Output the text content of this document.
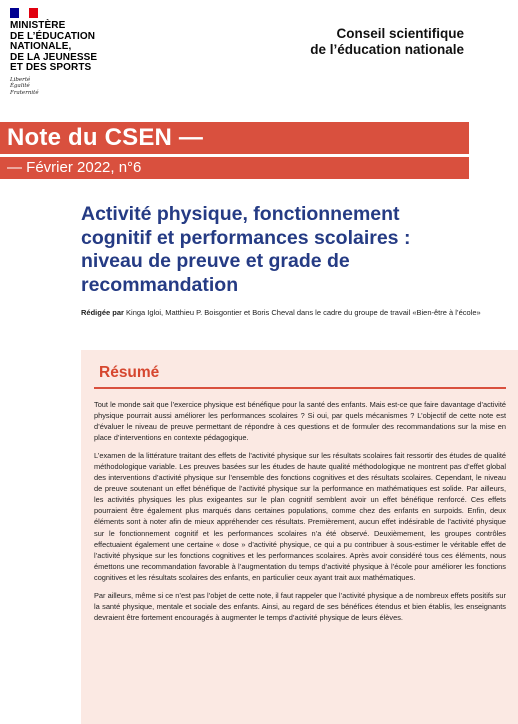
MINISTÈRE
DE L’ÉDUCATION
NATIONALE,
DE LA JEUNESSE
ET DES SPORTS
Liberté
Égalité
Fraternité
Conseil scientifique
de l’éducation nationale
Note du CSEN —
— Février 2022, n°6
Activité physique, fonctionnement cognitif et performances scolaires : niveau de preuve et grade de recommandation
Rédigée par Kinga Igloi, Matthieu P. Boisgontier et Boris Cheval dans le cadre du groupe de travail «Bien-être à l’école»
Résumé

Tout le monde sait que l’exercice physique est bénéfique pour la santé des enfants. Mais est-ce que faire davantage d’activité physique pourrait aussi améliorer les performances scolaires ? Si oui, par quels mécanismes ? L’objectif de cette note est d’évaluer le niveau de preuve permettant de répondre à ces questions et de formuler des recommandations sur la mise en place d’interventions en contexte pédagogique.

L’examen de la littérature traitant des effets de l’activité physique sur les résultats scolaires fait ressortir des études de qualité méthodologique variable. Les preuves basées sur les études de haute qualité méthodologique ne montrent pas d’effet global des interventions d’activité physique sur l’ensemble des fonctions cognitives et des résultats scolaires. Cependant, le niveau de preuve soutenant un effet bénéfique de l’activité physique sur la performance en mathématiques est solide. Par ailleurs, les activités physiques les plus exigeantes sur le plan cognitif semblent avoir un effet bénéfique renforcé. Ces effets pourraient être également plus marqués dans certaines populations, comme chez des enfants en surpoids. Enfin, deux éléments sont à noter afin de mieux appréhender ces résultats. Premièrement, aucun effet indésirable de l’activité physique sur le fonctionnement cognitif et les performances scolaires n’a été observé. Deuxièmement, les groupes contrôles effectuaient également une certaine « dose » d’activité physique, ce qui a pu contribuer à sous-estimer le véritable effet de l’activité physique sur les fonctions cognitives et les performances scolaires. Après avoir considéré tous ces éléments, nous émettons une recommandation favorable à l’augmentation du temps d’activité physique à l’école pour améliorer les fonctions cognitives et les résultats scolaires des enfants, en particulier ceux ayant trait aux mathématiques.

Par ailleurs, même si ce n’est pas l’objet de cette note, il faut rappeler que l’activité physique a de nombreux effets positifs sur la santé physique, mentale et sociale des enfants. Ainsi, au regard de ses bénéfices étendus et bien établis, les enseignants devraient être fortement encouragés à augmenter le temps d’activité physique de leurs élèves.
